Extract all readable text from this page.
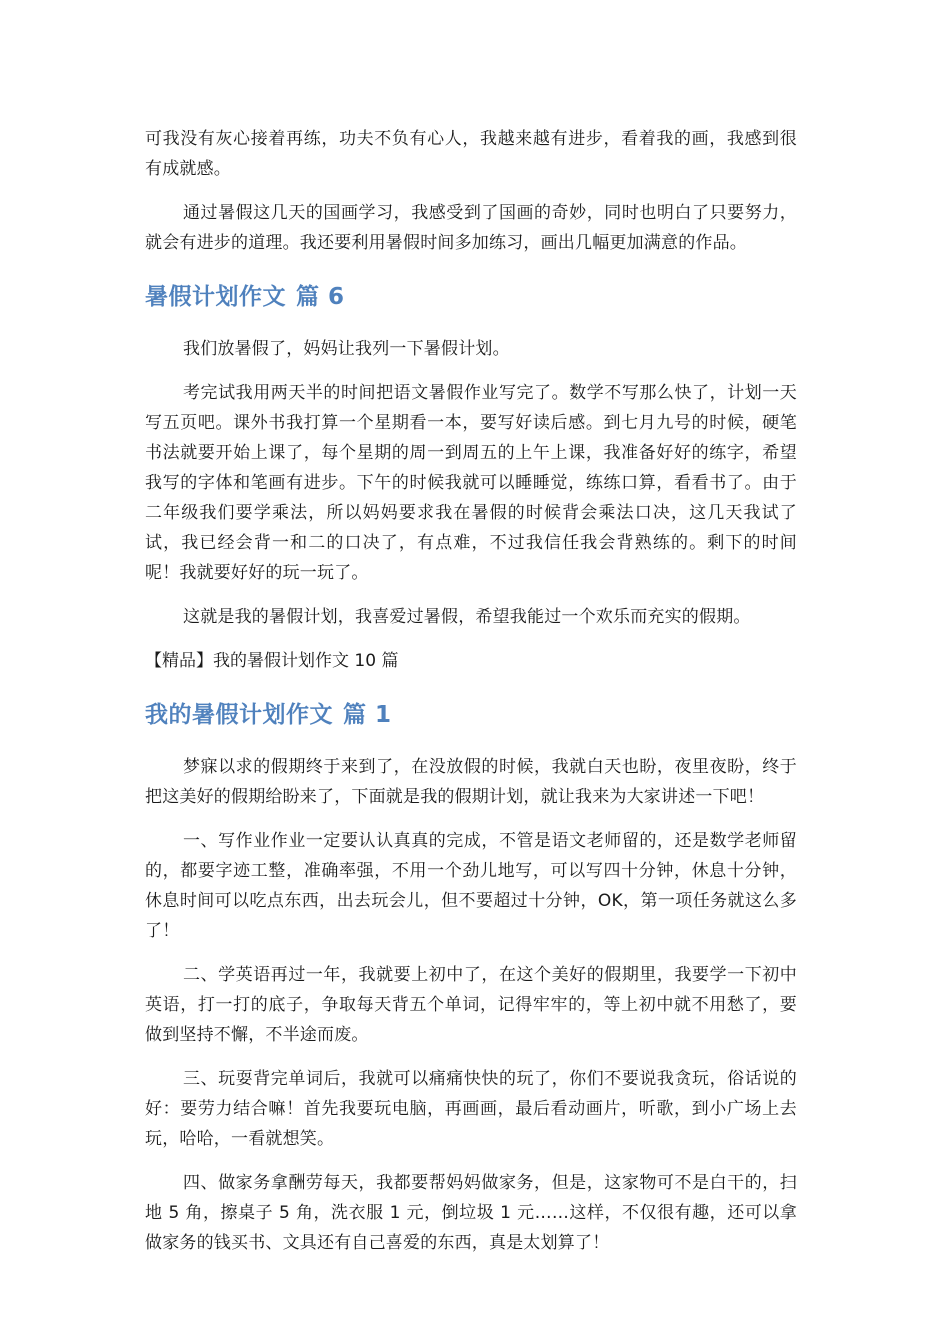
可我没有灰心接着再练，功夫不负有心人，我越来越有进步，看着我的画，我感到很有成就感。

通过暑假这几天的国画学习，我感受到了国画的奇妙，同时也明白了只要努力，就会有进步的道理。我还要利用暑假时间多加练习，画出几幅更加满意的作品。

暑假计划作文 篇 6

我们放暑假了，妈妈让我列一下暑假计划。

考完试我用两天半的时间把语文暑假作业写完了。数学不写那么快了，计划一天写五页吧。课外书我打算一个星期看一本，要写好读后感。到七月九号的时候，硬笔书法就要开始上课了，每个星期的周一到周五的上午上课，我准备好好的练字，希望我写的字体和笔画有进步。下午的时候我就可以睡睡觉，练练口算，看看书了。由于二年级我们要学乘法，所以妈妈要求我在暑假的时候背会乘法口决，这几天我试了试，我已经会背一和二的口决了，有点难，不过我信任我会背熟练的。剩下的时间呢！我就要好好的玩一玩了。

这就是我的暑假计划，我喜爱过暑假，希望我能过一个欢乐而充实的假期。

【精品】我的暑假计划作文 10 篇

我的暑假计划作文 篇 1

梦寐以求的假期终于来到了，在没放假的时候，我就白天也盼，夜里夜盼，终于把这美好的假期给盼来了，下面就是我的假期计划，就让我来为大家讲述一下吧！

一、写作业作业一定要认认真真的完成，不管是语文老师留的，还是数学老师留的，都要字迹工整，准确率强，不用一个劲儿地写，可以写四十分钟，休息十分钟，休息时间可以吃点东西，出去玩会儿，但不要超过十分钟，OK，第一项任务就这么多了！

二、学英语再过一年，我就要上初中了，在这个美好的假期里，我要学一下初中英语，打一打的底子，争取每天背五个单词，记得牢牢的，等上初中就不用愁了，要做到坚持不懈，不半途而废。

三、玩耍背完单词后，我就可以痛痛快快的玩了，你们不要说我贪玩，俗话说的好：要劳力结合嘛！首先我要玩电脑，再画画，最后看动画片，听歌，到小广场上去玩，哈哈，一看就想笑。

四、做家务拿酬劳每天，我都要帮妈妈做家务，但是，这家物可不是白干的，扫地 5 角，擦桌子 5 角，洗衣服 1 元，倒垃圾 1 元……这样，不仅很有趣，还可以拿做家务的钱买书、文具还有自己喜爱的东西，真是太划算了！
